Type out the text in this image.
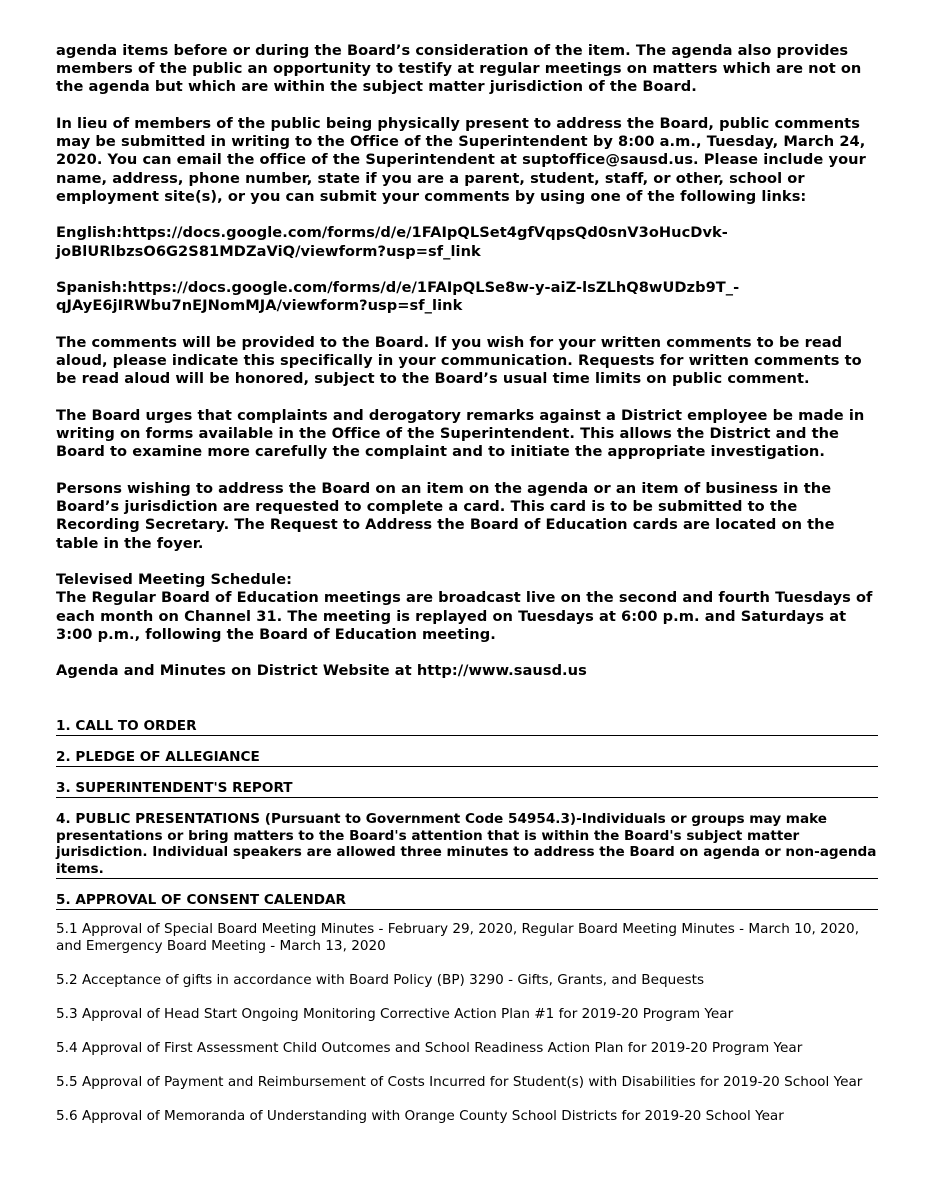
agenda items before or during the Board’s consideration of the item. The agenda also provides members of the public an opportunity to testify at regular meetings on matters which are not on the agenda but which are within the subject matter jurisdiction of the Board.

In lieu of members of the public being physically present to address the Board, public comments may be submitted in writing to the Office of the Superintendent by 8:00 a.m., Tuesday, March 24, 2020. You can email the office of the Superintendent at suptoffice@sausd.us. Please include your name, address, phone number, state if you are a parent, student, staff, or other, school or employment site(s), or you can submit your comments by using one of the following links:

English:https://docs.google.com/forms/d/e/1FAIpQLSet4gfVqpsQd0snV3oHucDvk-joBlURlbzsO6G2S81MDZaViQ/viewform?usp=sf_link

Spanish:https://docs.google.com/forms/d/e/1FAIpQLSe8w-y-aiZ-lsZLhQ8wUDzb9T_-qJAyE6jIRWbu7nEJNomMJA/viewform?usp=sf_link

The comments will be provided to the Board. If you wish for your written comments to be read aloud, please indicate this specifically in your communication. Requests for written comments to be read aloud will be honored, subject to the Board’s usual time limits on public comment.

The Board urges that complaints and derogatory remarks against a District employee be made in writing on forms available in the Office of the Superintendent. This allows the District and the Board to examine more carefully the complaint and to initiate the appropriate investigation.

Persons wishing to address the Board on an item on the agenda or an item of business in the Board’s jurisdiction are requested to complete a card. This card is to be submitted to the Recording Secretary. The Request to Address the Board of Education cards are located on the table in the foyer.

Televised Meeting Schedule:

The Regular Board of Education meetings are broadcast live on the second and fourth Tuesdays of each month on Channel 31. The meeting is replayed on Tuesdays at 6:00 p.m. and Saturdays at 3:00 p.m., following the Board of Education meeting.

Agenda and Minutes on District Website at http://www.sausd.us

1. CALL TO ORDER
2. PLEDGE OF ALLEGIANCE
3. SUPERINTENDENT'S REPORT
4. PUBLIC PRESENTATIONS (Pursuant to Government Code 54954.3)-Individuals or groups may make presentations or bring matters to the Board's attention that is within the Board's subject matter jurisdiction. Individual speakers are allowed three minutes to address the Board on agenda or non-agenda items.
5. APPROVAL OF CONSENT CALENDAR
5.1 Approval of Special Board Meeting Minutes - February 29, 2020, Regular Board Meeting Minutes - March 10, 2020, and Emergency Board Meeting - March 13, 2020
5.2 Acceptance of gifts in accordance with Board Policy (BP) 3290 - Gifts, Grants, and Bequests
5.3 Approval of Head Start Ongoing Monitoring Corrective Action Plan #1 for 2019-20 Program Year
5.4 Approval of First Assessment Child Outcomes and School Readiness Action Plan for 2019-20 Program Year
5.5 Approval of Payment and Reimbursement of Costs Incurred for Student(s) with Disabilities for 2019-20 School Year
5.6 Approval of Memoranda of Understanding with Orange County School Districts for 2019-20 School Year
